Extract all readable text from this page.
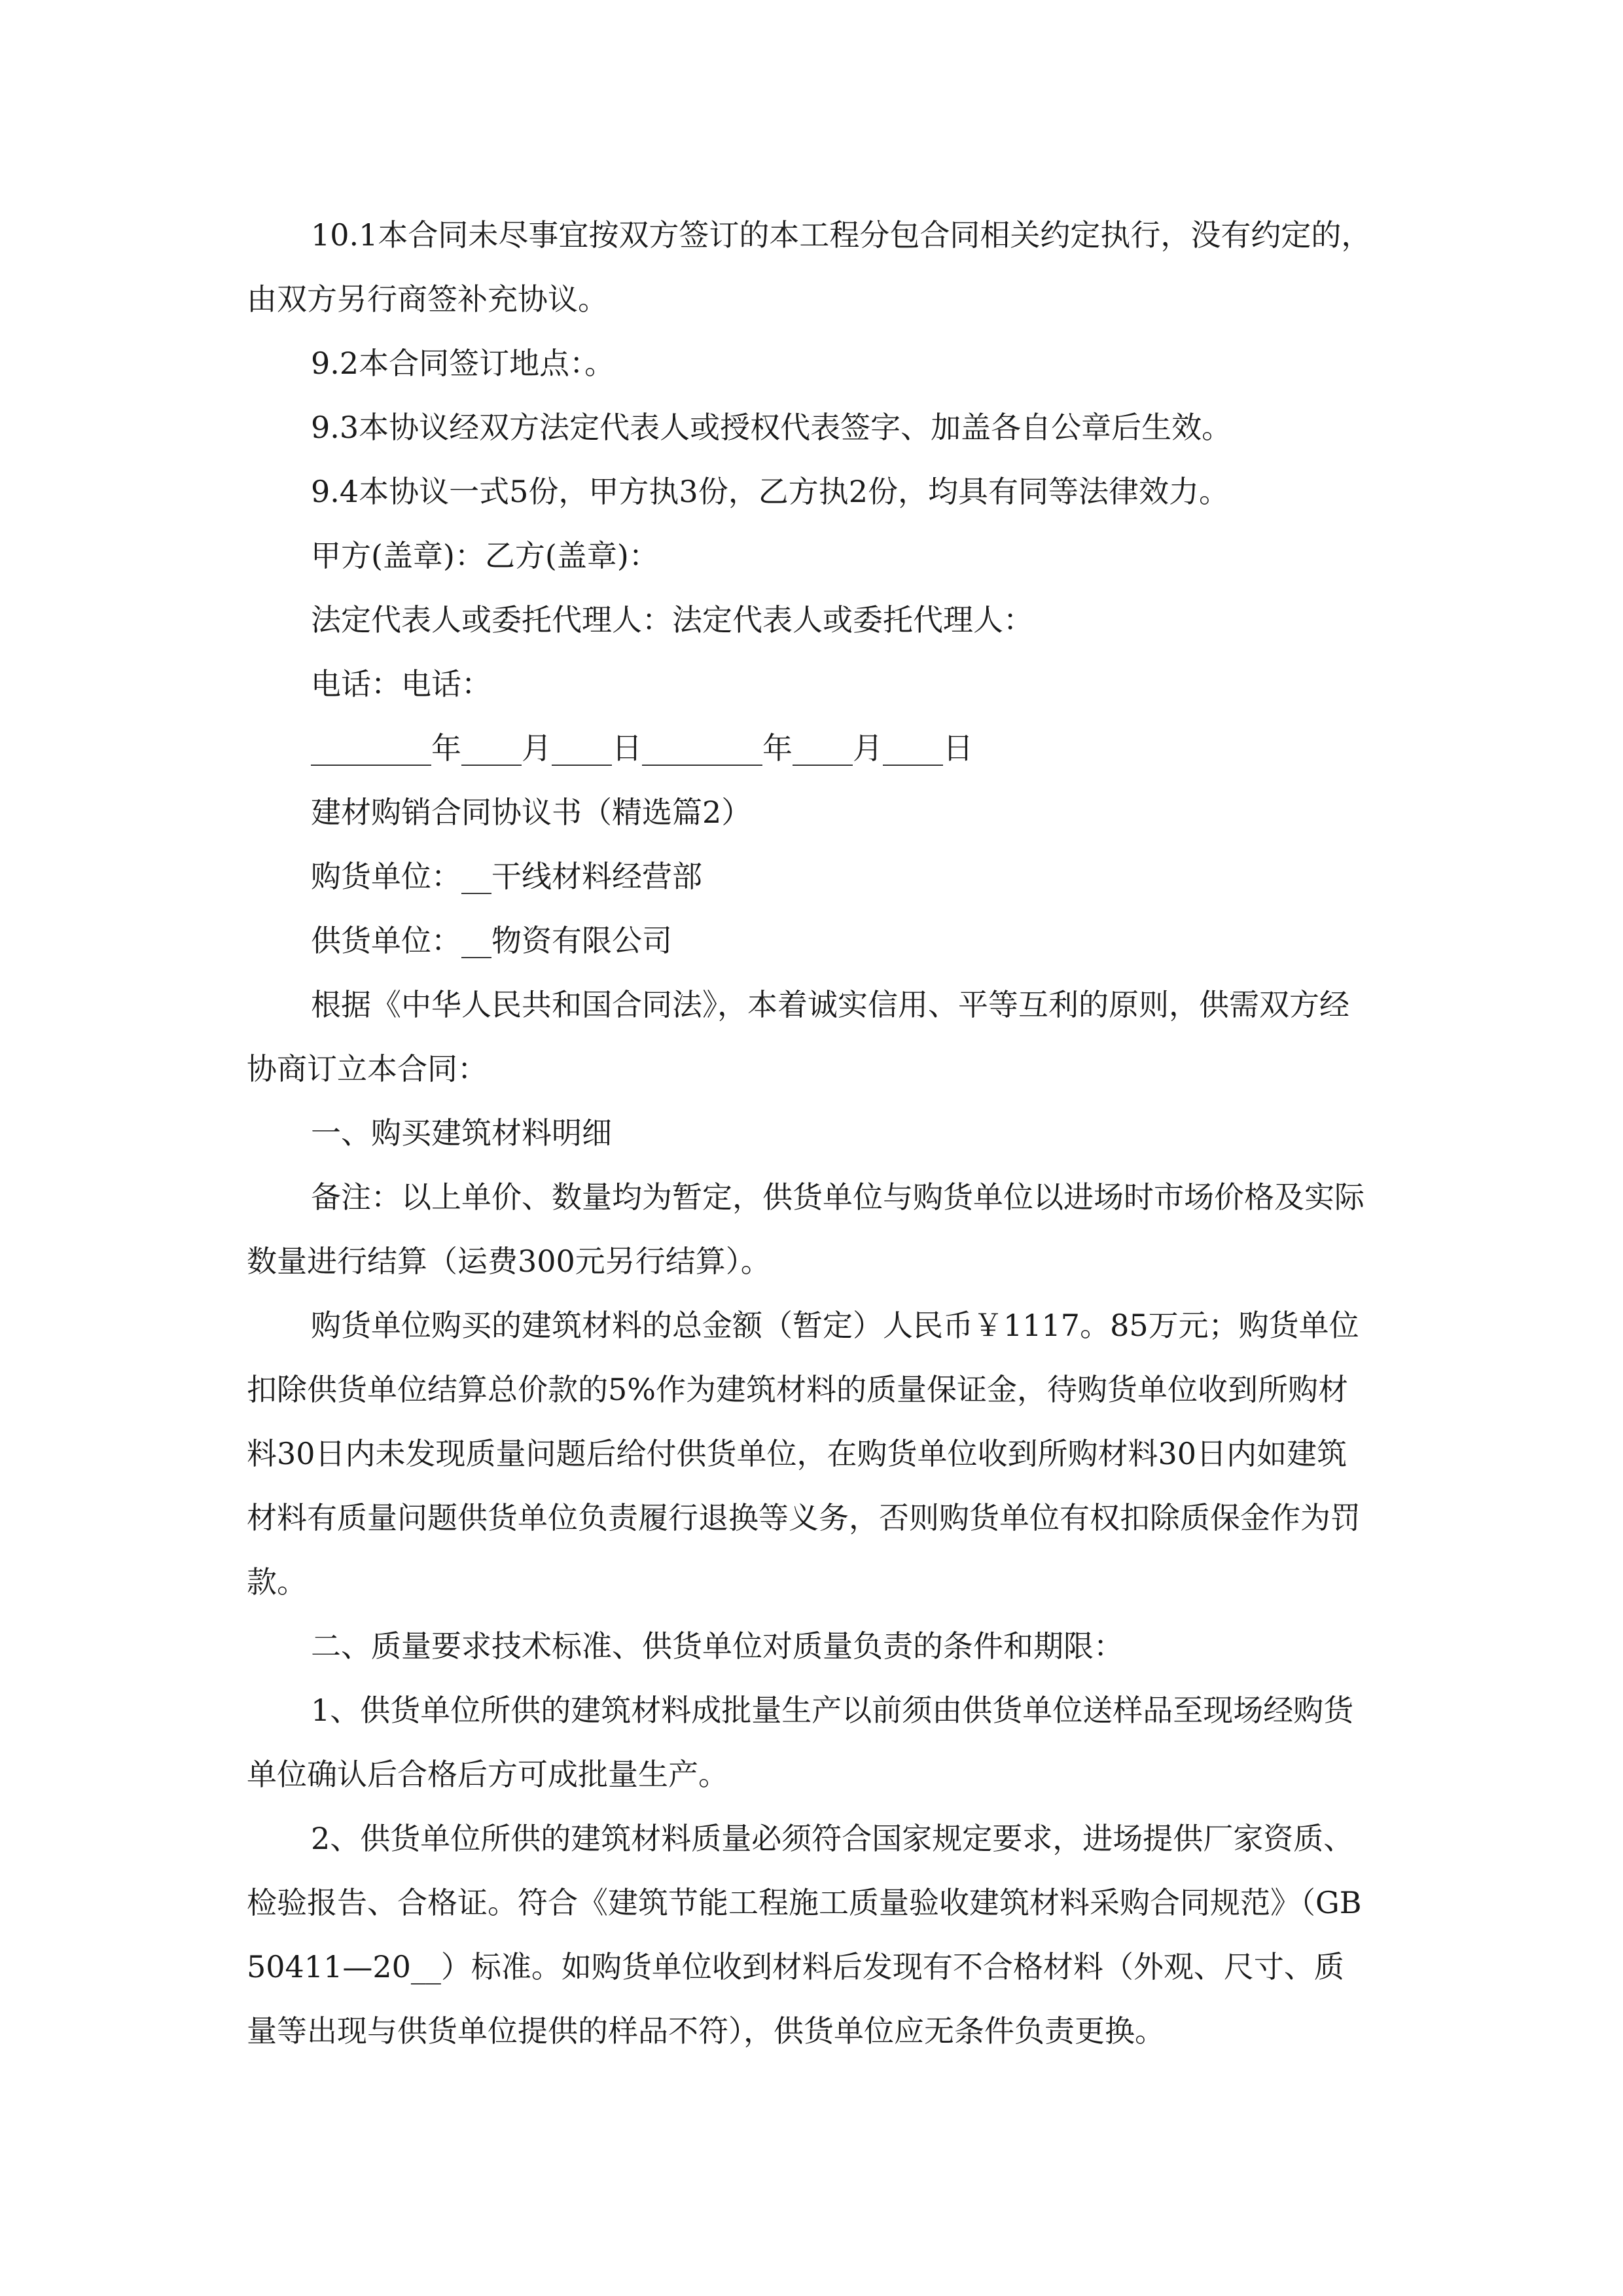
10.1本合同未尽事宜按双方签订的本工程分包合同相关约定执行，没有约定的，由双方另行商签补充协议。

9.2本合同签订地点：。

9.3本协议经双方法定代表人或授权代表签字、加盖各自公章后生效。

9.4本协议一式5份，甲方执3份，乙方执2份，均具有同等法律效力。

甲方(盖章)：乙方(盖章)：

法定代表人或委托代理人：法定代表人或委托代理人：

电话：电话：

________年____月____日________年____月____日

建材购销合同协议书（精选篇2）

购货单位：__干线材料经营部

供货单位：__物资有限公司

根据《中华人民共和国合同法》，本着诚实信用、平等互利的原则，供需双方经协商订立本合同：

一、购买建筑材料明细

备注：以上单价、数量均为暂定，供货单位与购货单位以进场时市场价格及实际数量进行结算（运费300元另行结算）。

购货单位购买的建筑材料的总金额（暂定）人民币￥1117。85万元；购货单位扣除供货单位结算总价款的5%作为建筑材料的质量保证金，待购货单位收到所购材料30日内未发现质量问题后给付供货单位，在购货单位收到所购材料30日内如建筑材料有质量问题供货单位负责履行退换等义务，否则购货单位有权扣除质保金作为罚款。

二、质量要求技术标准、供货单位对质量负责的条件和期限：

1、供货单位所供的建筑材料成批量生产以前须由供货单位送样品至现场经购货单位确认后合格后方可成批量生产。

2、供货单位所供的建筑材料质量必须符合国家规定要求，进场提供厂家资质、检验报告、合格证。符合《建筑节能工程施工质量验收建筑材料采购合同规范》（GB50411—20__）标准。如购货单位收到材料后发现有不合格材料（外观、尺寸、质量等出现与供货单位提供的样品不符），供货单位应无条件负责更换。
